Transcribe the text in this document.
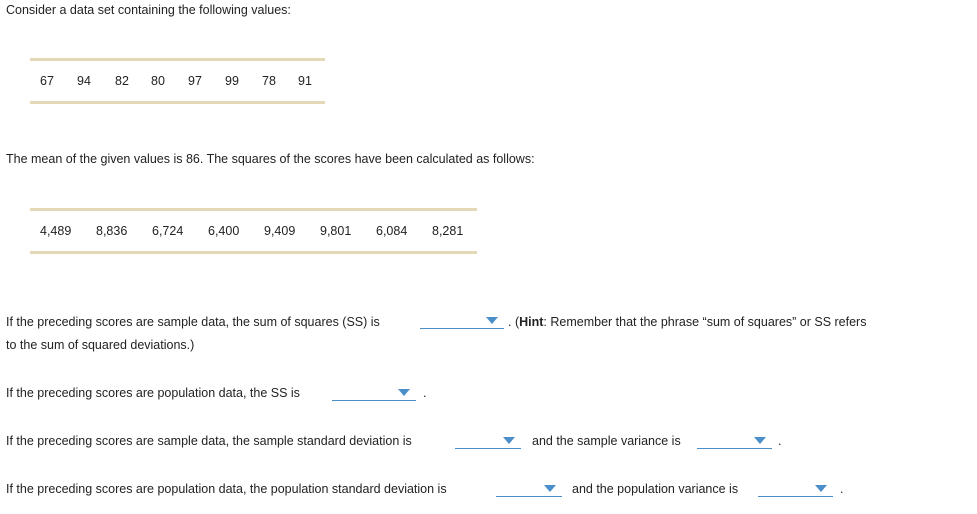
Consider a data set containing the following values:
67 94 82 80 97 99 78 91
The mean of the given values is 86. The squares of the scores have been calculated as follows:
4,489 8,836 6,724 6,400 9,409 9,801 6,084 8,281
If the preceding scores are sample data, the sum of squares (SS) is	. (Hint: Remember that the phrase “sum of squares” or SS refers
to the sum of squared deviations.)
If the preceding scores are population data, the SS is	.
If the preceding scores are sample data, the sample standard deviation is	and the sample variance is	.
If the preceding scores are population data, the population standard deviation is	and the population variance is	.
